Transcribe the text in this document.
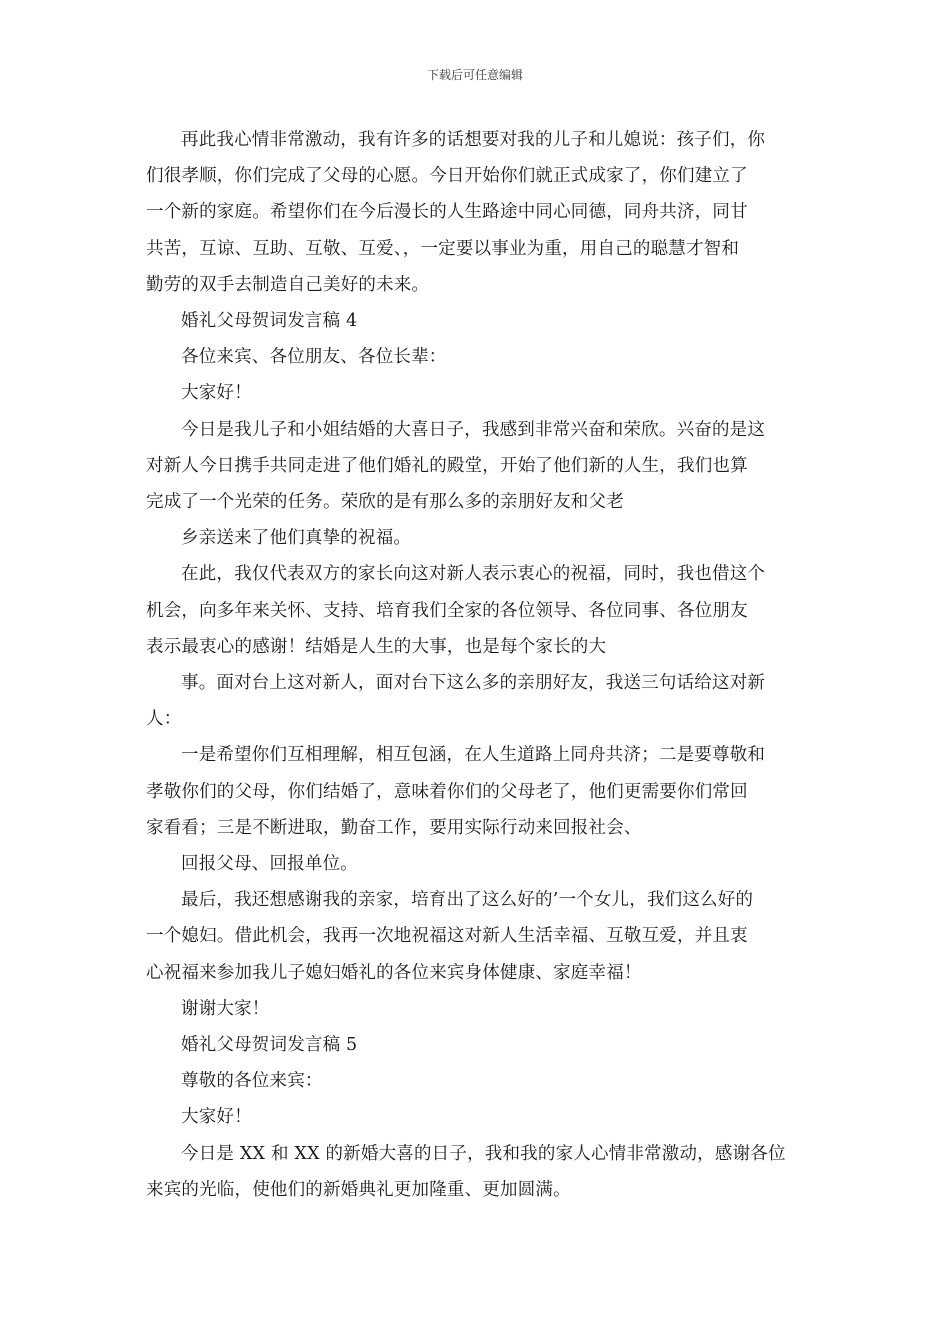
下载后可任意编辑

再此我心情非常激动，我有许多的话想要对我的儿子和儿媳说：孩子们，你
们很孝顺，你们完成了父母的心愿。今日开始你们就正式成家了，你们建立了
一个新的家庭。希望你们在今后漫长的人生路途中同心同德，同舟共济，同甘
共苦，互谅、互助、互敬、互爱、，一定要以事业为重，用自己的聪慧才智和
勤劳的双手去制造自己美好的未来。

婚礼父母贺词发言稿 4

各位来宾、各位朋友、各位长辈：

大家好！

今日是我儿子和小姐结婚的大喜日子，我感到非常兴奋和荣欣。兴奋的是这
对新人今日携手共同走进了他们婚礼的殿堂，开始了他们新的人生，我们也算
完成了一个光荣的任务。荣欣的是有那么多的亲朋好友和父老

乡亲送来了他们真挚的祝福。

在此，我仅代表双方的家长向这对新人表示衷心的祝福，同时，我也借这个
机会，向多年来关怀、支持、培育我们全家的各位领导、各位同事、各位朋友
表示最衷心的感谢！结婚是人生的大事，也是每个家长的大

事。面对台上这对新人，面对台下这么多的亲朋好友，我送三句话给这对新
人：

一是希望你们互相理解，相互包涵，在人生道路上同舟共济；二是要尊敬和
孝敬你们的父母，你们结婚了，意味着你们的父母老了，他们更需要你们常回
家看看；三是不断进取，勤奋工作，要用实际行动来回报社会、

回报父母、回报单位。

最后，我还想感谢我的亲家，培育出了这么好的’一个女儿，我们这么好的
一个媳妇。借此机会，我再一次地祝福这对新人生活幸福、互敬互爱，并且衷
心祝福来参加我儿子媳妇婚礼的各位来宾身体健康、家庭幸福！

谢谢大家！

婚礼父母贺词发言稿 5

尊敬的各位来宾：

大家好！

今日是 XX 和 XX 的新婚大喜的日子，我和我的家人心情非常激动，感谢各位
来宾的光临，使他们的新婚典礼更加隆重、更加圆满。
